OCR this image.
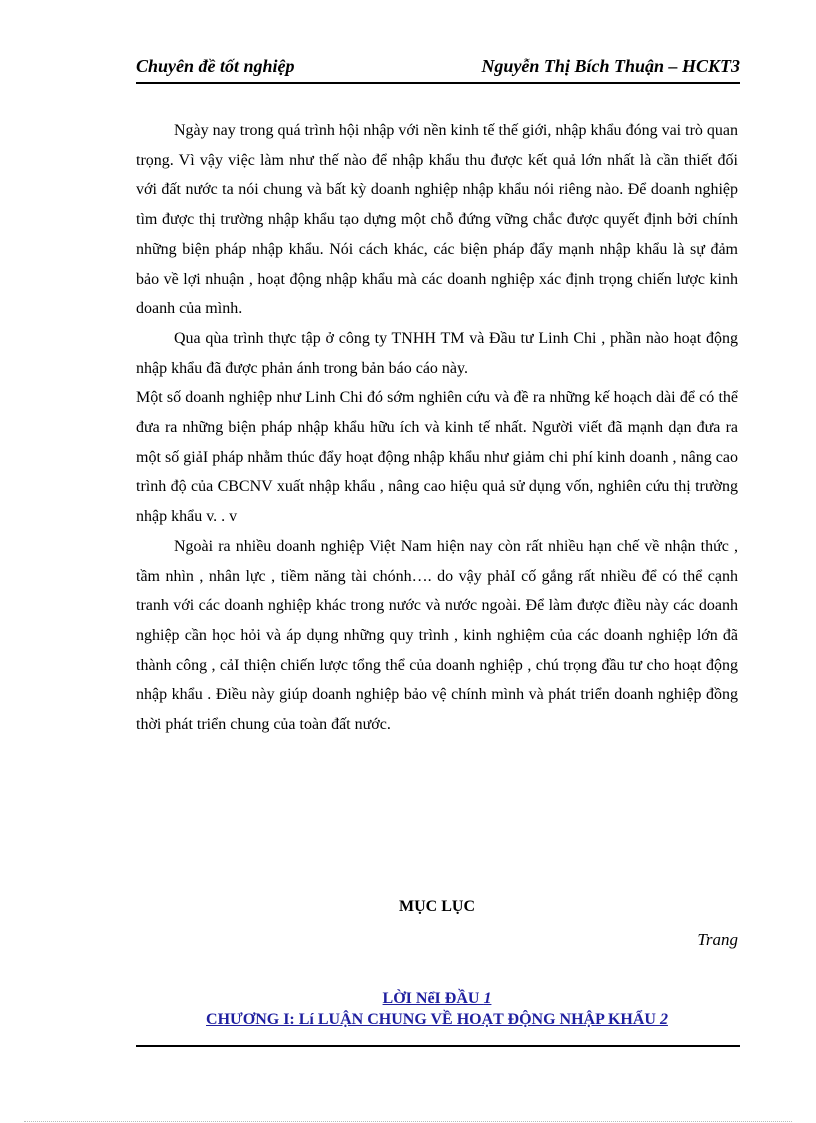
Chuyên đề tốt nghiệp	Nguyễn Thị Bích Thuận – HCKT3

Ngày nay trong quá trình hội nhập với nền kinh tế thế giới, nhập khẩu đóng vai trò quan trọng. Vì vậy việc làm như thế nào để nhập khẩu thu được kết quả lớn nhất là cần thiết đối với đất nước ta nói chung và bất kỳ doanh nghiệp nhập khẩu nói riêng nào. Để doanh nghiệp tìm được thị trường nhập khẩu tạo dựng một chỗ đứng vững chắc được quyết định bởi chính những biện pháp nhập khẩu. Nói cách khác, các biện pháp đẩy mạnh nhập khẩu là sự đảm bảo về lợi nhuận , hoạt động nhập khẩu mà các doanh nghiệp xác định trọng chiến lược kinh doanh của mình.

Qua qùa trình thực tập ở công ty TNHH TM và Đầu tư Linh Chi , phần nào hoạt động nhập khẩu đã được phản ánh trong bản báo cáo này.

Một số doanh nghiệp như Linh Chi đó sớm nghiên cứu và đề ra những kế hoạch dài để có thể đưa ra những biện pháp nhập khẩu hữu ích và kinh tế nhất. Người viết đã mạnh dạn đưa ra một số giảI pháp nhằm thúc đẩy hoạt động nhập khẩu như giảm chi phí kinh doanh , nâng cao trình độ của CBCNV xuất nhập khẩu , nâng cao hiệu quả sử dụng vốn, nghiên cứu thị trường nhập khẩu v. . v

Ngoài ra nhiều doanh nghiệp Việt Nam hiện nay còn rất nhiều hạn chế về nhận thức , tầm nhìn , nhân lực , tiềm năng tài chónh…. do vậy phảI cố gắng rất nhiều để có thể cạnh tranh với các doanh nghiệp khác trong nước và nước ngoài. Để làm được điều này các doanh nghiệp cần học hỏi và áp dụng những quy trình , kinh nghiệm của các doanh nghiệp lớn đã thành công , cảI thiện chiến lược tổng thể của doanh nghiệp , chú trọng đầu tư cho hoạt động nhập khẩu . Điều này giúp doanh nghiệp bảo vệ chính mình và phát triển doanh nghiệp đồng thời phát triển chung của toàn đất nước.

MỤC LỤC
Trang
LỜI NểI ĐẦU 1
CHƯƠNG I: Lí LUẬN CHUNG VỀ HOẠT ĐỘNG NHẬP KHẨU 2
